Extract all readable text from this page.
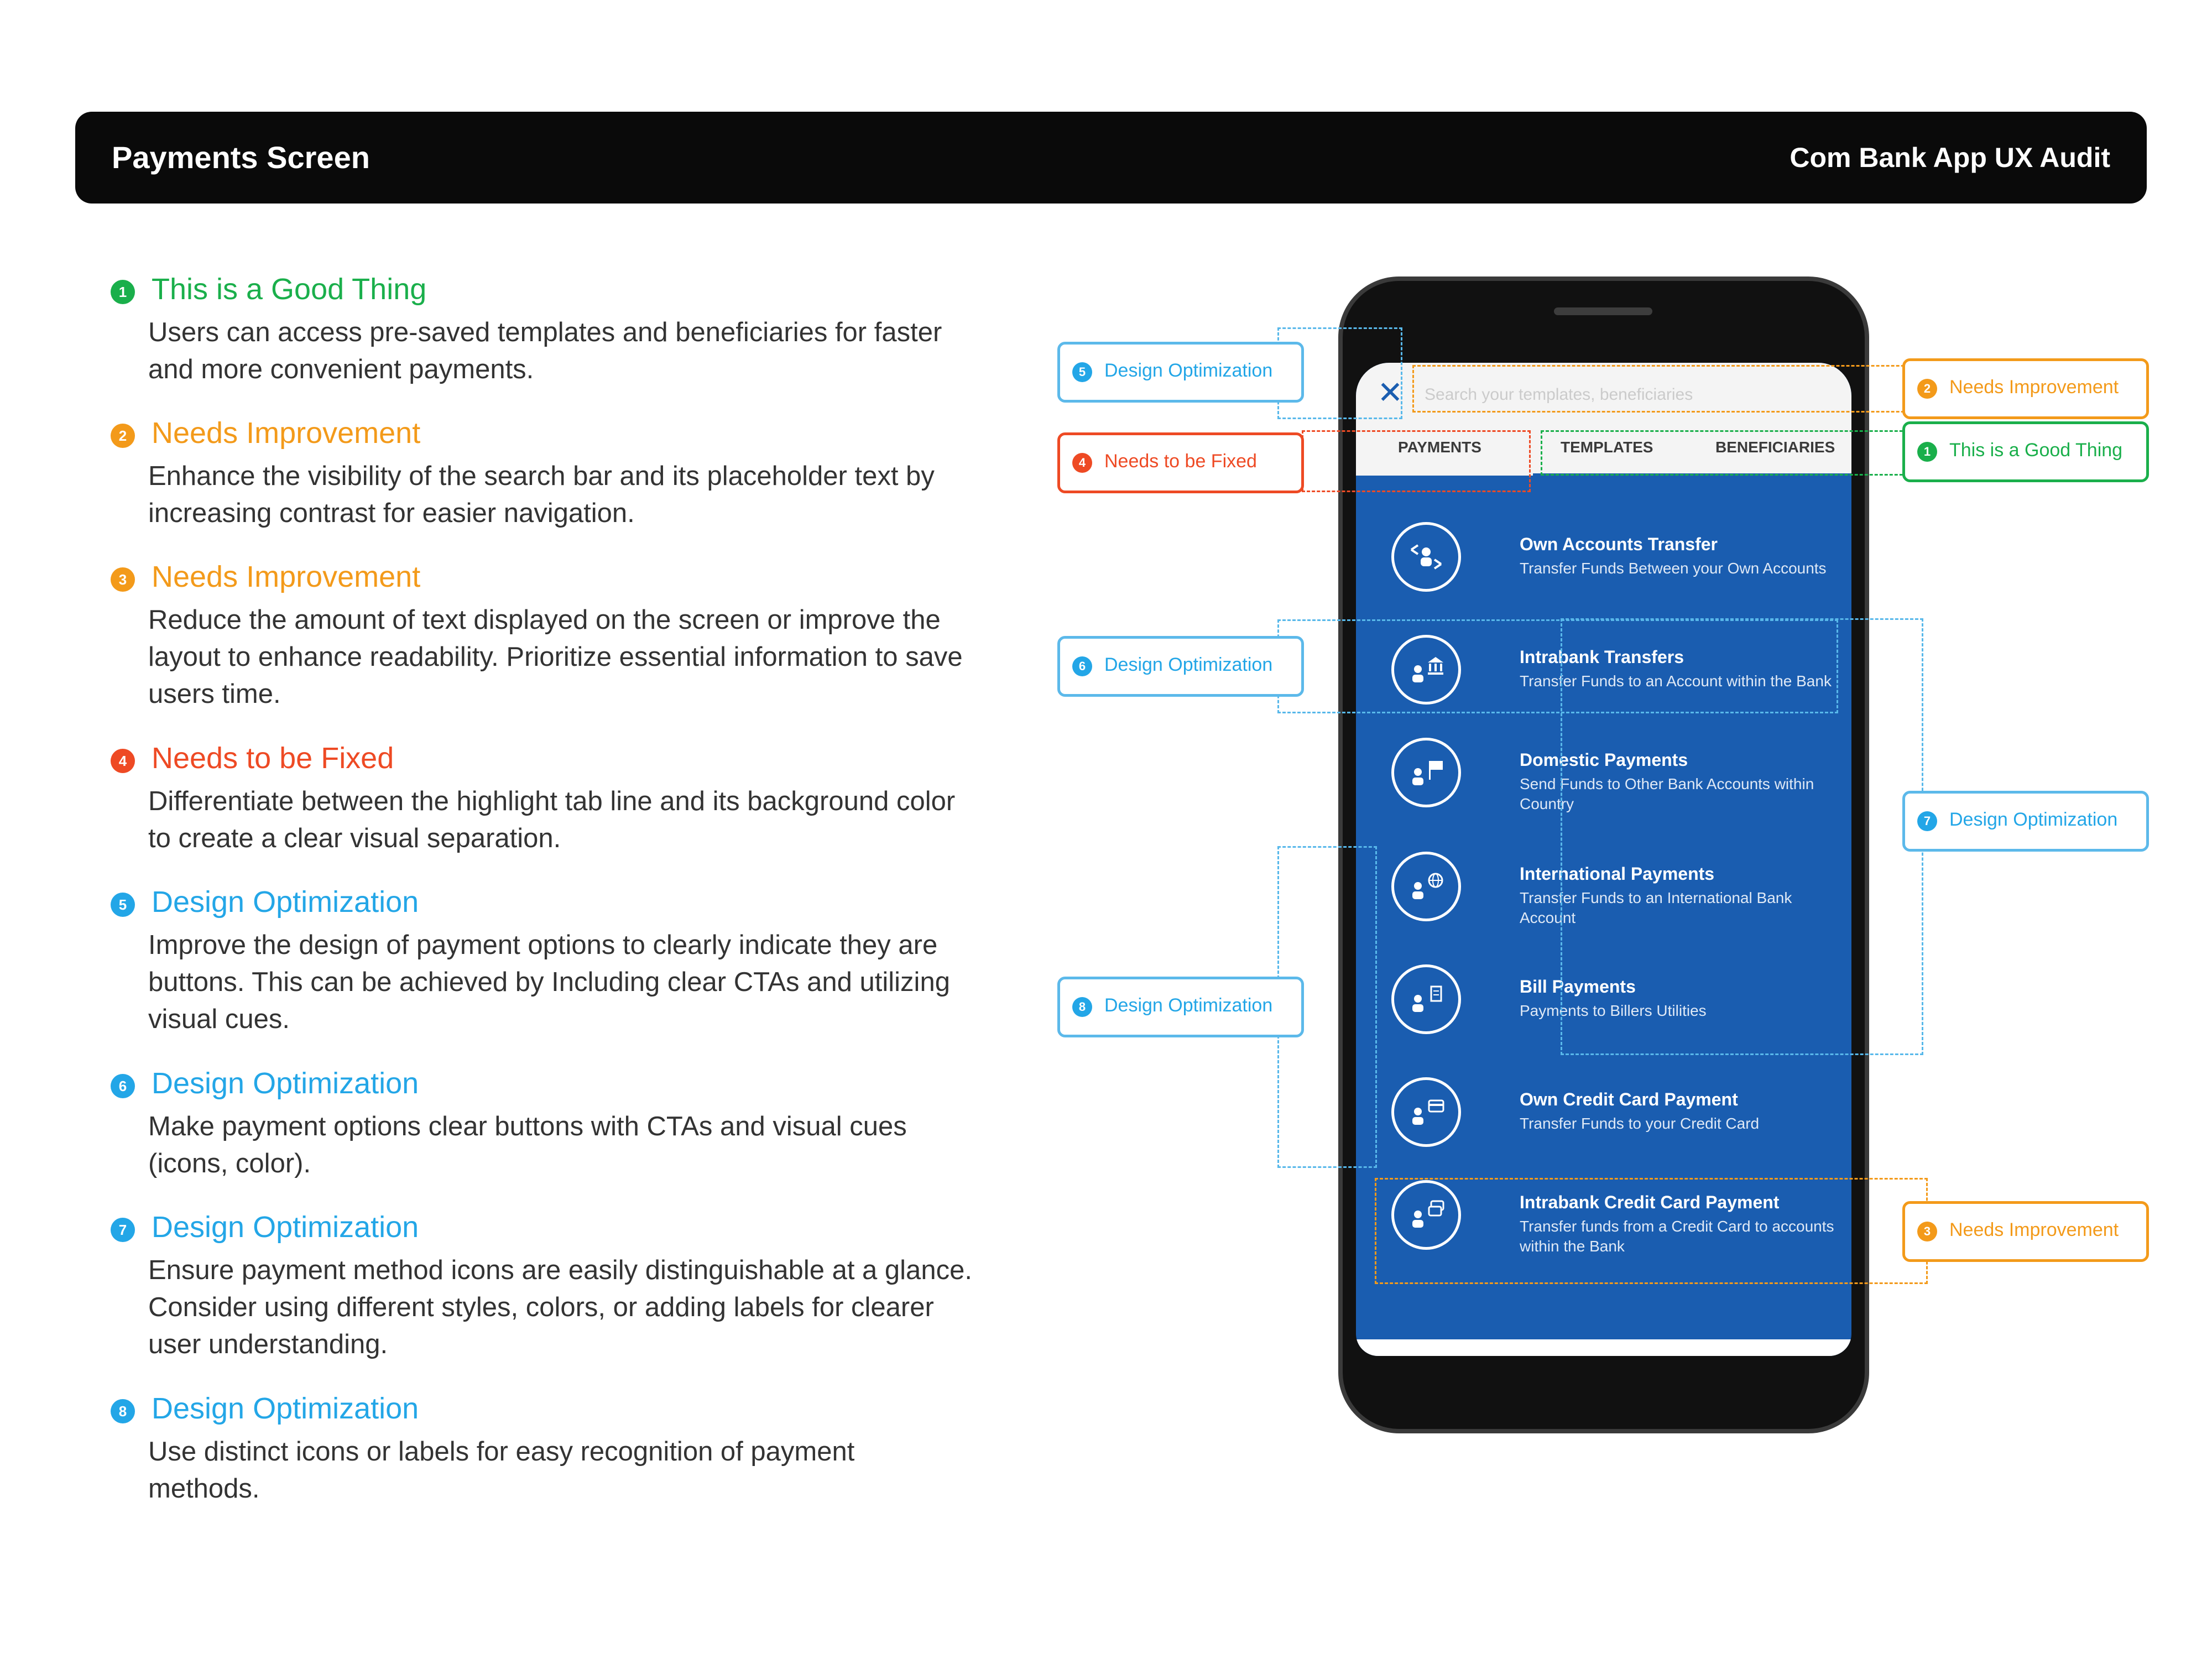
Payments Screen	Com Bank App UX Audit
1 This is a Good Thing
Users can access pre-saved templates and beneficiaries for faster
and more convenient payments.
2 Needs Improvement
Enhance the visibility of the search bar and its placeholder text by
increasing contrast for easier navigation.
3 Needs Improvement
Reduce the amount of text displayed on the screen or improve the
layout to enhance readability. Prioritize essential information to save
users time.
4 Needs to be Fixed
Differentiate between the highlight tab line and its background color
to create a clear visual separation.
5 Design Optimization
Improve the design of payment options to clearly indicate they are
buttons. This can be achieved by Including clear CTAs and utilizing
visual cues.
6 Design Optimization
Make payment options clear buttons with CTAs and visual cues
(icons, color).
7 Design Optimization
Ensure payment method icons are easily distinguishable at a glance.
Consider using different styles, colors, or adding labels for clearer
user understanding.
8 Design Optimization
Use distinct icons or labels for easy recognition of payment
methods.
✕
Search your templates, beneficiaries
PAYMENTS	TEMPLATES	BENEFICIARIES
Own Accounts Transfer
Transfer Funds Between your Own Accounts
Intrabank Transfers
Transfer Funds to an Account within the Bank
Domestic Payments
Send Funds to Other Bank Accounts within
Country
International Payments
Transfer Funds to an International Bank
Account
Bill Payments
Payments to Billers Utilities
Own Credit Card Payment
Transfer Funds to your Credit Card
Intrabank Credit Card Payment
Transfer funds from a Credit Card to accounts
within the Bank
5 Design Optimization
4 Needs to be Fixed
6 Design Optimization
8 Design Optimization
2 Needs Improvement
1 This is a Good Thing
7 Design Optimization
3 Needs Improvement
